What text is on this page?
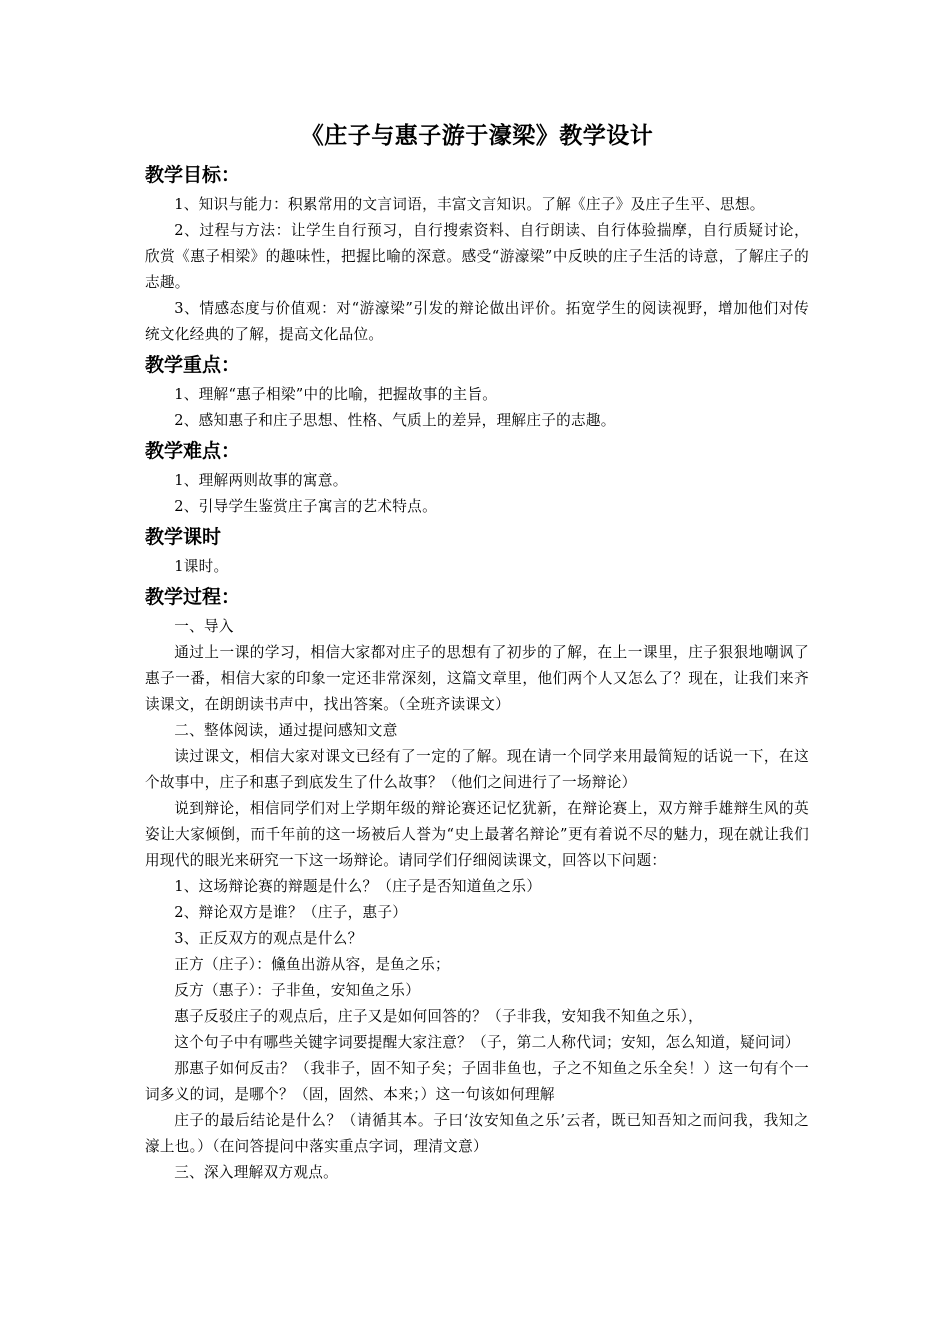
《庄子与惠子游于濠梁》教学设计
教学目标：

1、知识与能力：积累常用的文言词语，丰富文言知识。了解《庄子》及庄子生平、思想。

2、过程与方法：让学生自行预习，自行搜索资料、自行朗读、自行体验揣摩，自行质疑讨论，欣赏《惠子相梁》的趣味性，把握比喻的深意。感受“游濠梁”中反映的庄子生活的诗意，了解庄子的志趣。

3、情感态度与价值观：对“游濠梁”引发的辩论做出评价。拓宽学生的阅读视野，增加他们对传统文化经典的了解，提高文化品位。

教学重点：

1、理解“惠子相梁”中的比喻，把握故事的主旨。

2、感知惠子和庄子思想、性格、气质上的差异，理解庄子的志趣。

教学难点：

1、理解两则故事的寓意。

2、引导学生鉴赏庄子寓言的艺术特点。

教学课时

1课时。

教学过程：

一、导入

通过上一课的学习，相信大家都对庄子的思想有了初步的了解，在上一课里，庄子狠狠地嘲讽了惠子一番，相信大家的印象一定还非常深刻，这篇文章里，他们两个人又怎么了？现在，让我们来齐读课文，在朗朗读书声中，找出答案。（全班齐读课文）

二、整体阅读，通过提问感知文意

读过课文，相信大家对课文已经有了一定的了解。现在请一个同学来用最简短的话说一下，在这个故事中，庄子和惠子到底发生了什么故事？（他们之间进行了一场辩论）

说到辩论，相信同学们对上学期年级的辩论赛还记忆犹新，在辩论赛上，双方辩手雄辩生风的英姿让大家倾倒，而千年前的这一场被后人誉为“史上最著名辩论”更有着说不尽的魅力，现在就让我们用现代的眼光来研究一下这一场辩论。请同学们仔细阅读课文，回答以下问题：

1、这场辩论赛的辩题是什么？（庄子是否知道鱼之乐）

2、辩论双方是谁？（庄子，惠子）

3、正反双方的观点是什么？

正方（庄子）：儵鱼出游从容，是鱼之乐；

反方（惠子）：子非鱼，安知鱼之乐）

惠子反驳庄子的观点后，庄子又是如何回答的？（子非我，安知我不知鱼之乐），

这个句子中有哪些关键字词要提醒大家注意？（子，第二人称代词；安知，怎么知道，疑问词）

那惠子如何反击？（我非子，固不知子矣；子固非鱼也，子之不知鱼之乐全矣！）这一句有个一词多义的词，是哪个？（固，固然、本来；）这一句该如何理解

庄子的最后结论是什么？（请循其本。子曰‘汝安知鱼之乐’云者，既已知吾知之而问我，我知之濠上也。）（在问答提问中落实重点字词，理清文意）

三、深入理解双方观点。
